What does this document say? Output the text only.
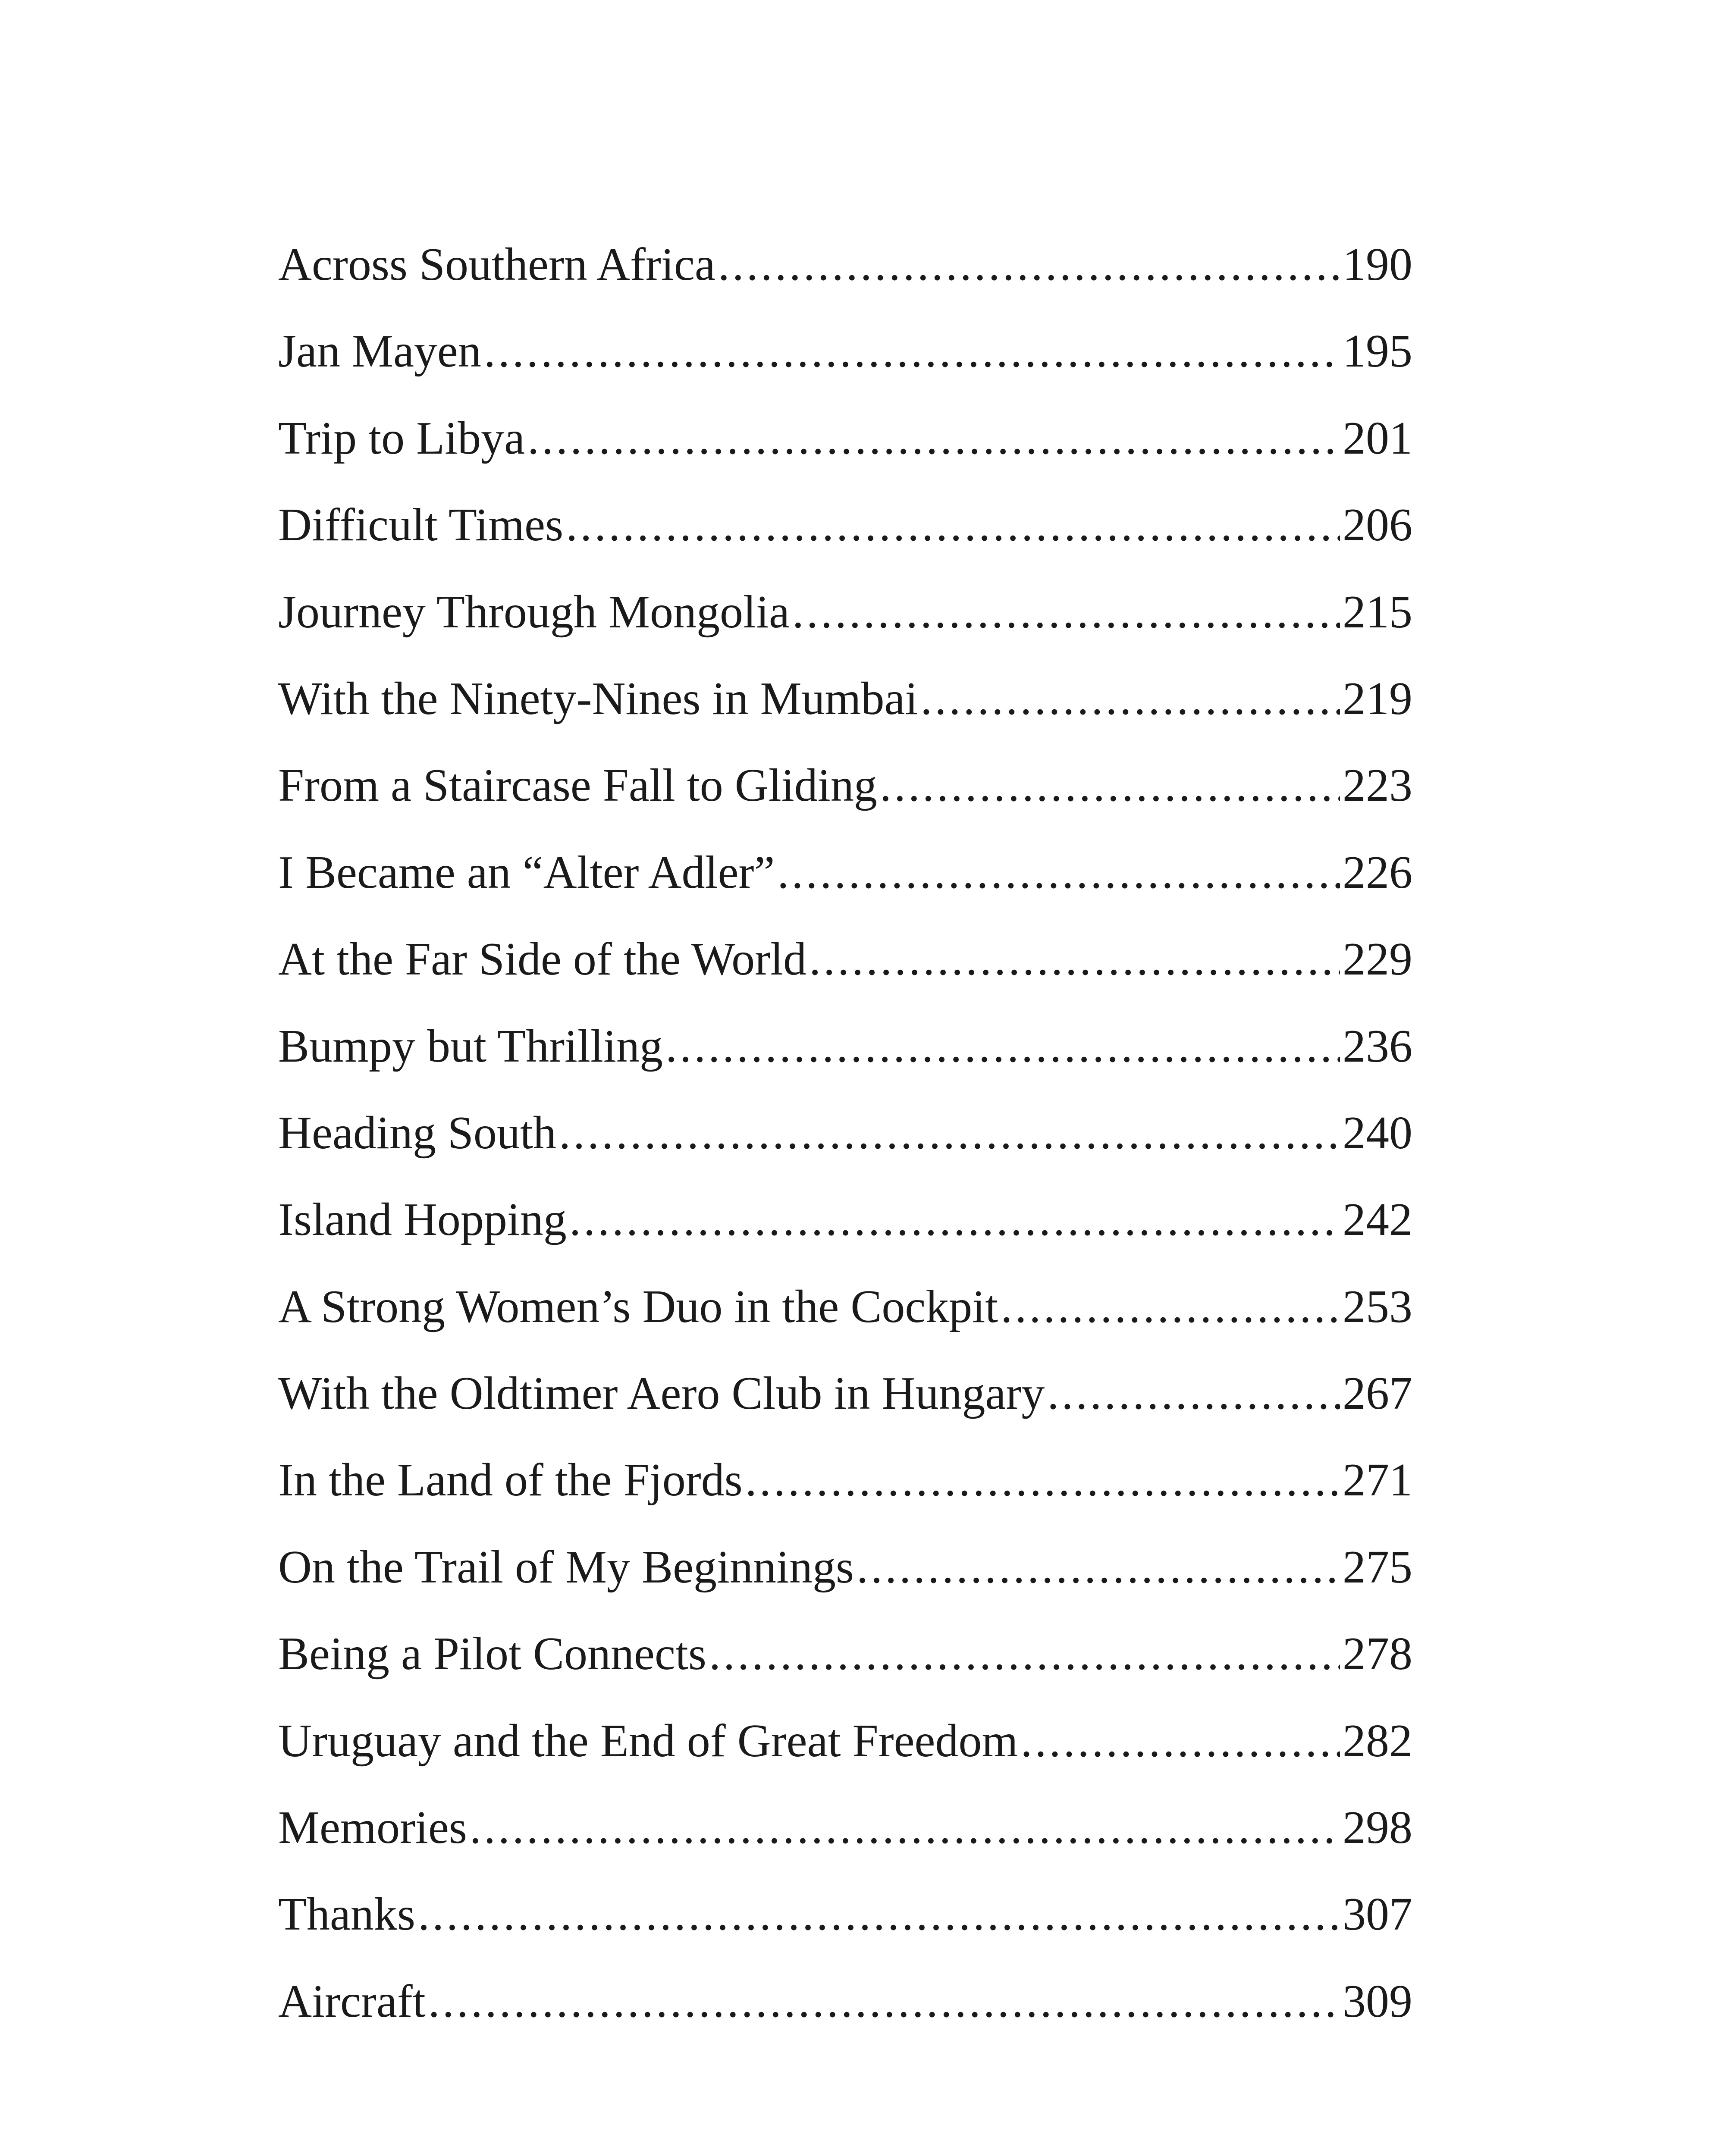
Across Southern Africa .....	190
Jan Mayen .....	195
Trip to Libya .....	201
Difficult Times .....	206
Journey Through Mongolia .....	215
With the Ninety-Nines in Mumbai .....	219
From a Staircase Fall to Gliding .....	223
I Became an “Alter Adler” .....	226
At the Far Side of the World .....	229
Bumpy but Thrilling .....	236
Heading South .....	240
Island Hopping .....	242
A Strong Women’s Duo in the Cockpit .....	253
With the Oldtimer Aero Club in Hungary .....	267
In the Land of the Fjords .....	271
On the Trail of My Beginnings .....	275
Being a Pilot Connects .....	278
Uruguay and the End of Great Freedom .....	282
Memories .....	298
Thanks .....	307
Aircraft .....	309
